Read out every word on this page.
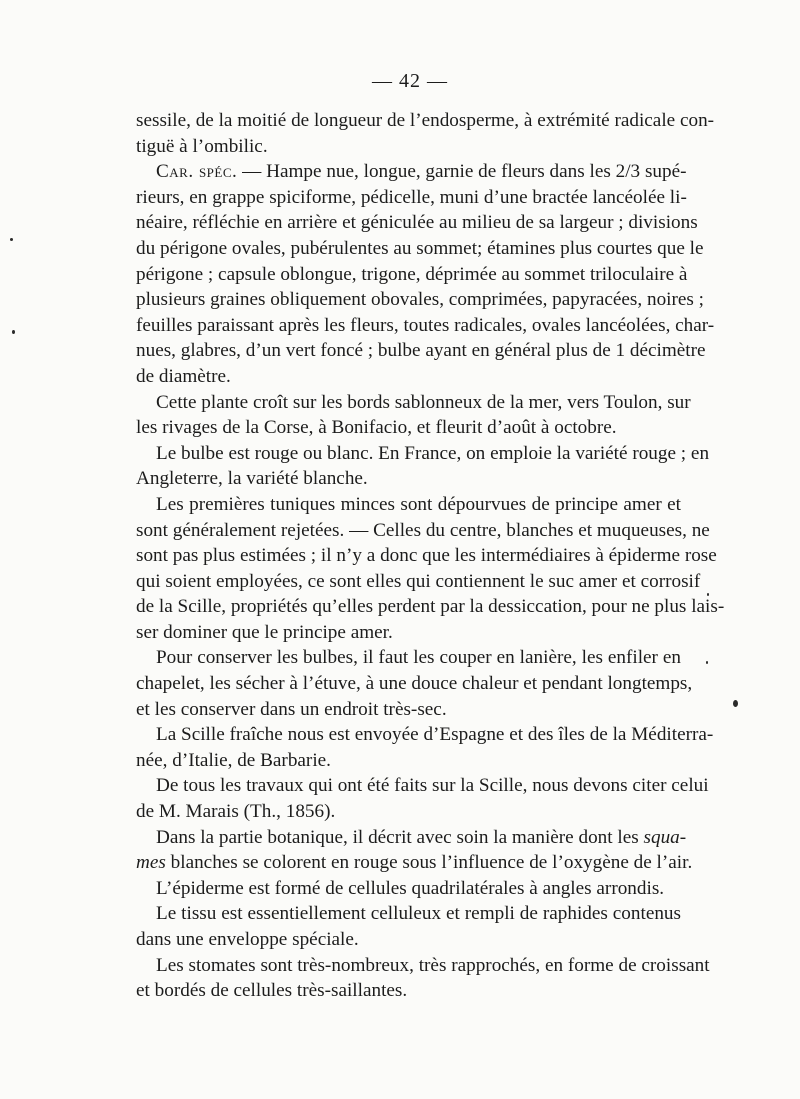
— 42 —
sessile, de la moitié de longueur de l’endosperme, à extrémité radicale con-
tiguë à l’ombilic.
Car. spéc. — Hampe nue, longue, garnie de fleurs dans les 2/3 supé-
rieurs, en grappe spiciforme, pédicelle, muni d’une bractée lancéolée li-
néaire, réfléchie en arrière et géniculée au milieu de sa largeur ; divisions
du périgone ovales, pubérulentes au sommet; étamines plus courtes que le
périgone ; capsule oblongue, trigone, déprimée au sommet triloculaire à
plusieurs graines obliquement obovales, comprimées, papyracées, noires ;
feuilles paraissant après les fleurs, toutes radicales, ovales lancéolées, char-
nues, glabres, d’un vert foncé ; bulbe ayant en général plus de 1 décimètre
de diamètre.
Cette plante croît sur les bords sablonneux de la mer, vers Toulon, sur
les rivages de la Corse, à Bonifacio, et fleurit d’août à octobre.
Le bulbe est rouge ou blanc. En France, on emploie la variété rouge ; en
Angleterre, la variété blanche.
Les premières tuniques minces sont dépourvues de principe amer et
sont généralement rejetées. — Celles du centre, blanches et muqueuses, ne
sont pas plus estimées ; il n’y a donc que les intermédiaires à épiderme rose
qui soient employées, ce sont elles qui contiennent le suc amer et corrosif
de la Scille, propriétés qu’elles perdent par la dessiccation, pour ne plus lais-
ser dominer que le principe amer.
Pour conserver les bulbes, il faut les couper en lanière, les enfiler en
chapelet, les sécher à l’étuve, à une douce chaleur et pendant longtemps,
et les conserver dans un endroit très-sec.
La Scille fraîche nous est envoyée d’Espagne et des îles de la Méditerra-
née, d’Italie, de Barbarie.
De tous les travaux qui ont été faits sur la Scille, nous devons citer celui
de M. Marais (Th., 1856).
Dans la partie botanique, il décrit avec soin la manière dont les squa-
mes blanches se colorent en rouge sous l’influence de l’oxygène de l’air.
L’épiderme est formé de cellules quadrilatérales à angles arrondis.
Le tissu est essentiellement celluleux et rempli de raphides contenus
dans une enveloppe spéciale.
Les stomates sont très-nombreux, très rapprochés, en forme de croissant
et bordés de cellules très-saillantes.
